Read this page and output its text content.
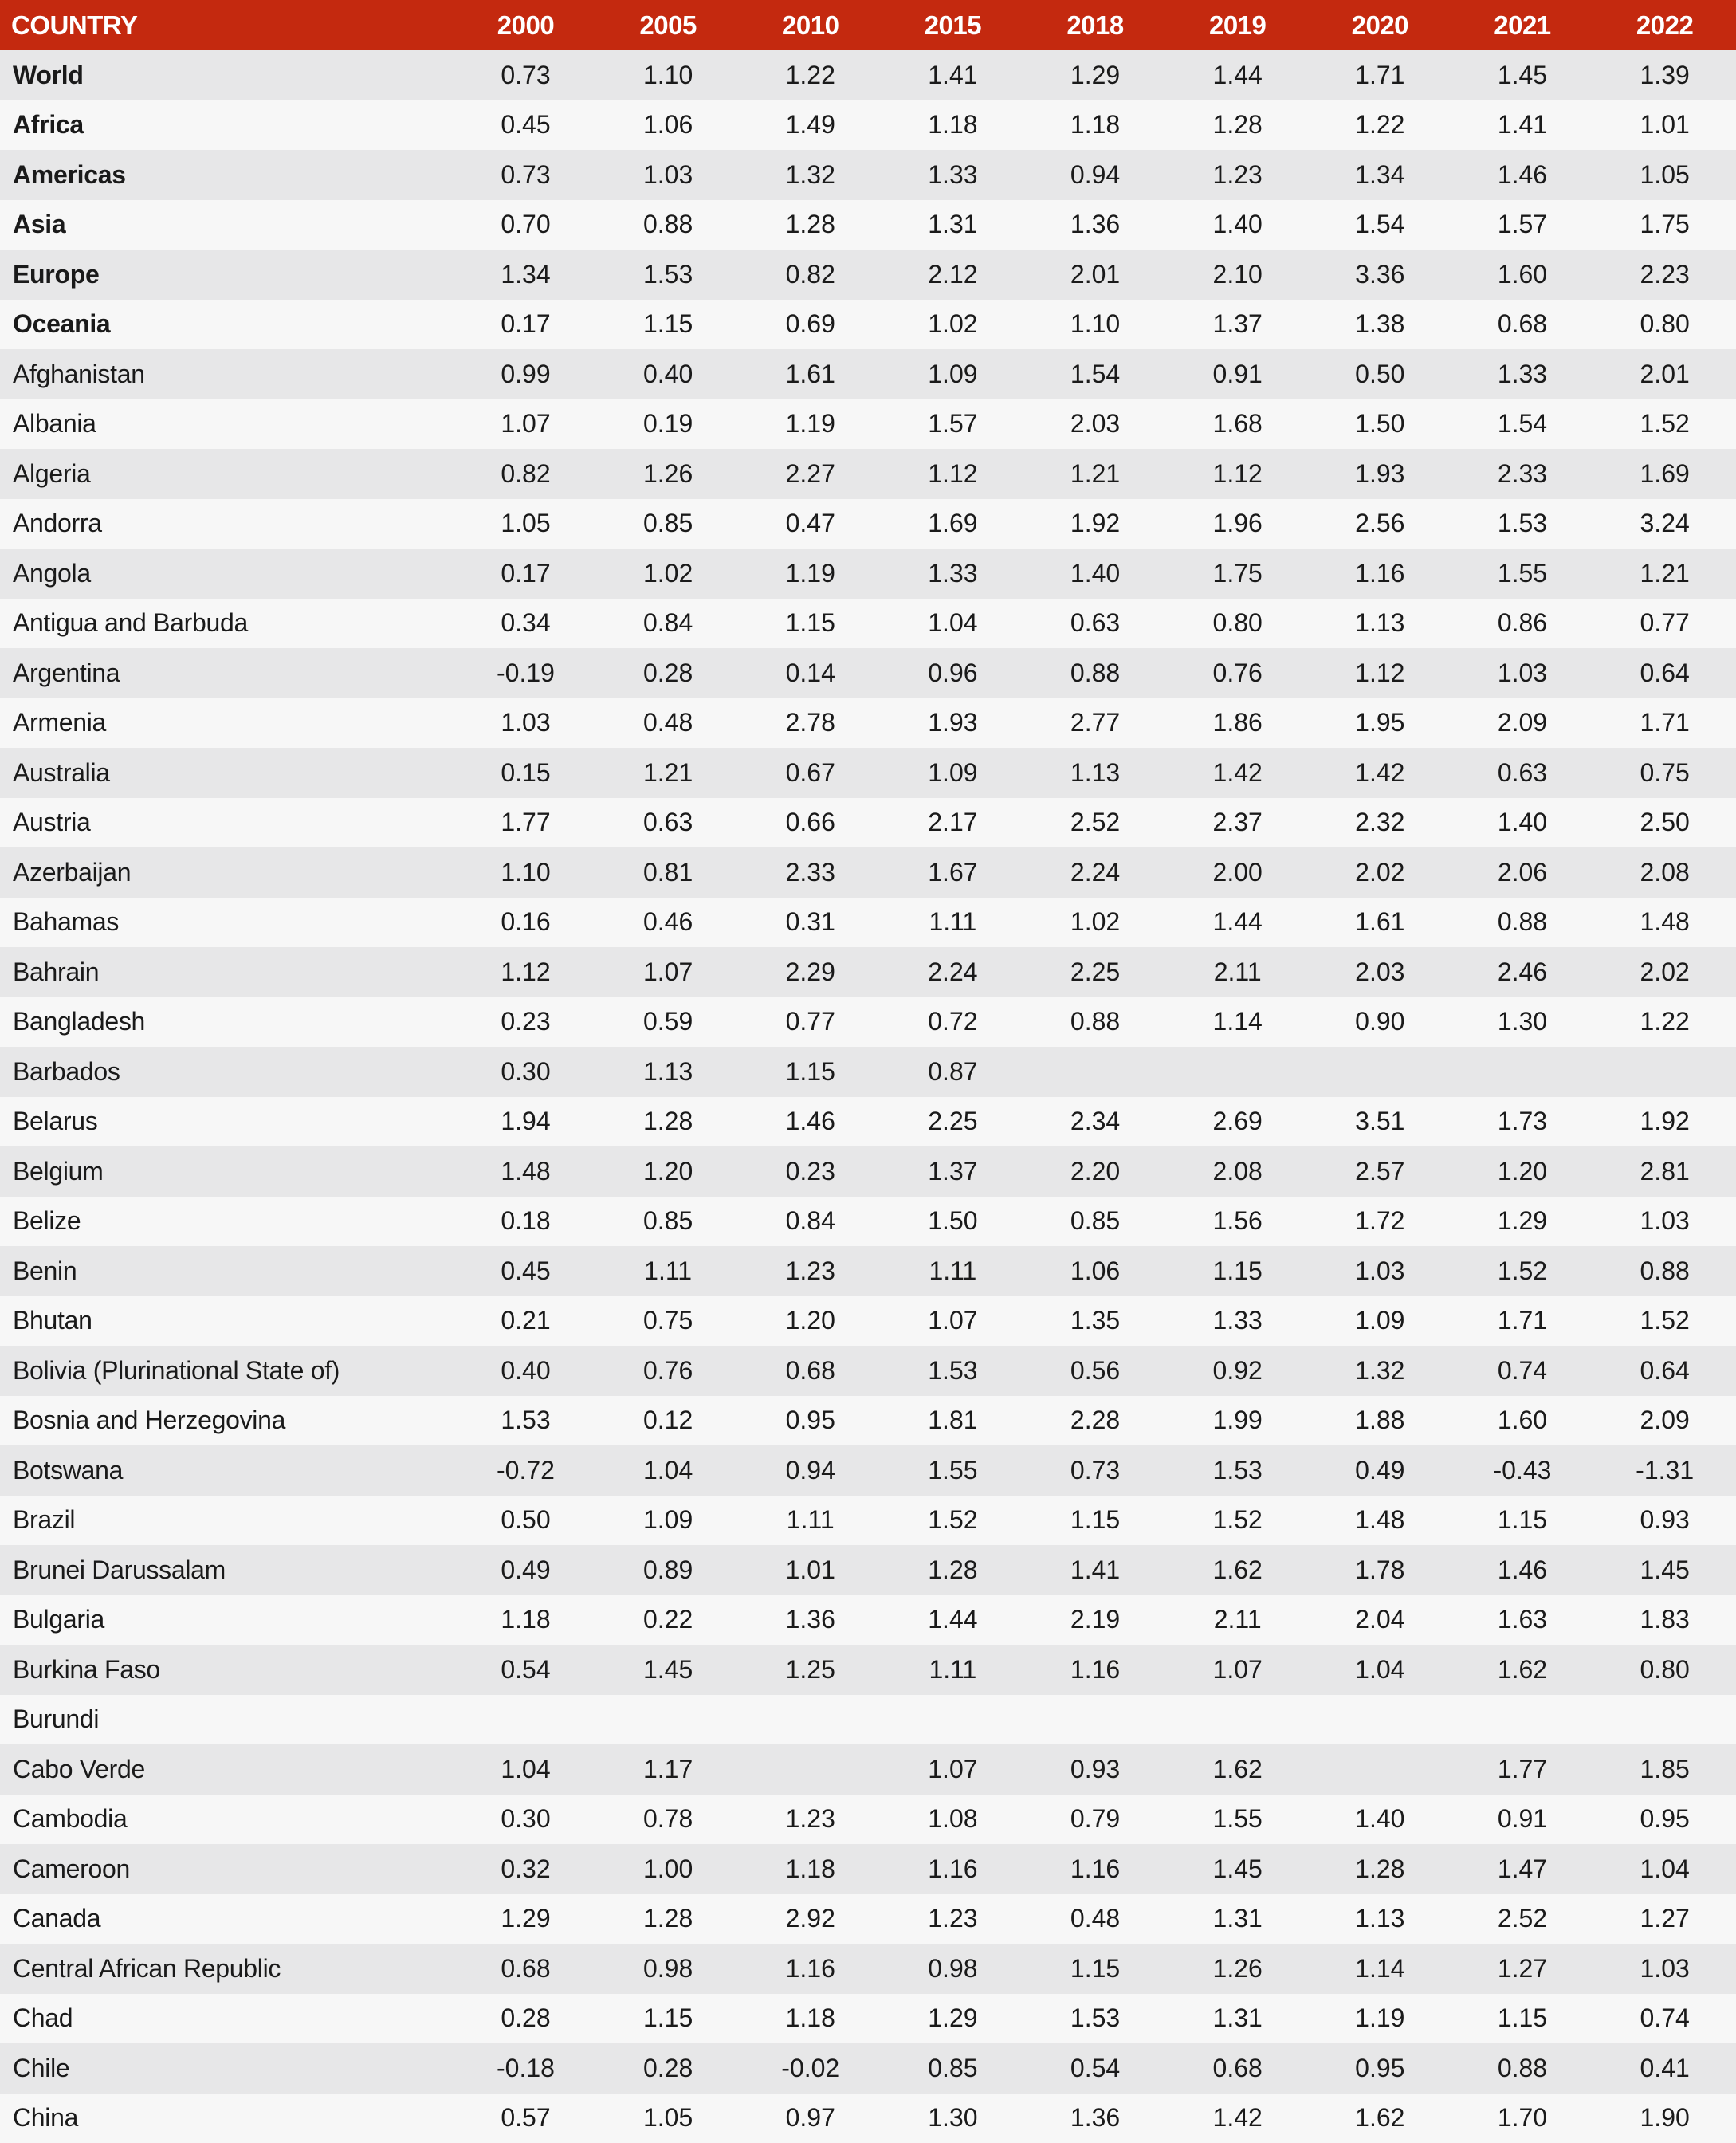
COUNTRY	2000	2005	2010	2015	2018	2019	2020	2021	2022
World	0.73	1.10	1.22	1.41	1.29	1.44	1.71	1.45	1.39
Africa	0.45	1.06	1.49	1.18	1.18	1.28	1.22	1.41	1.01
Americas	0.73	1.03	1.32	1.33	0.94	1.23	1.34	1.46	1.05
Asia	0.70	0.88	1.28	1.31	1.36	1.40	1.54	1.57	1.75
Europe	1.34	1.53	0.82	2.12	2.01	2.10	3.36	1.60	2.23
Oceania	0.17	1.15	0.69	1.02	1.10	1.37	1.38	0.68	0.80
Afghanistan	0.99	0.40	1.61	1.09	1.54	0.91	0.50	1.33	2.01
Albania	1.07	0.19	1.19	1.57	2.03	1.68	1.50	1.54	1.52
Algeria	0.82	1.26	2.27	1.12	1.21	1.12	1.93	2.33	1.69
Andorra	1.05	0.85	0.47	1.69	1.92	1.96	2.56	1.53	3.24
Angola	0.17	1.02	1.19	1.33	1.40	1.75	1.16	1.55	1.21
Antigua and Barbuda	0.34	0.84	1.15	1.04	0.63	0.80	1.13	0.86	0.77
Argentina	-0.19	0.28	0.14	0.96	0.88	0.76	1.12	1.03	0.64
Armenia	1.03	0.48	2.78	1.93	2.77	1.86	1.95	2.09	1.71
Australia	0.15	1.21	0.67	1.09	1.13	1.42	1.42	0.63	0.75
Austria	1.77	0.63	0.66	2.17	2.52	2.37	2.32	1.40	2.50
Azerbaijan	1.10	0.81	2.33	1.67	2.24	2.00	2.02	2.06	2.08
Bahamas	0.16	0.46	0.31	1.11	1.02	1.44	1.61	0.88	1.48
Bahrain	1.12	1.07	2.29	2.24	2.25	2.11	2.03	2.46	2.02
Bangladesh	0.23	0.59	0.77	0.72	0.88	1.14	0.90	1.30	1.22
Barbados	0.30	1.13	1.15	0.87					
Belarus	1.94	1.28	1.46	2.25	2.34	2.69	3.51	1.73	1.92
Belgium	1.48	1.20	0.23	1.37	2.20	2.08	2.57	1.20	2.81
Belize	0.18	0.85	0.84	1.50	0.85	1.56	1.72	1.29	1.03
Benin	0.45	1.11	1.23	1.11	1.06	1.15	1.03	1.52	0.88
Bhutan	0.21	0.75	1.20	1.07	1.35	1.33	1.09	1.71	1.52
Bolivia (Plurinational State of)	0.40	0.76	0.68	1.53	0.56	0.92	1.32	0.74	0.64
Bosnia and Herzegovina	1.53	0.12	0.95	1.81	2.28	1.99	1.88	1.60	2.09
Botswana	-0.72	1.04	0.94	1.55	0.73	1.53	0.49	-0.43	-1.31
Brazil	0.50	1.09	1.11	1.52	1.15	1.52	1.48	1.15	0.93
Brunei Darussalam	0.49	0.89	1.01	1.28	1.41	1.62	1.78	1.46	1.45
Bulgaria	1.18	0.22	1.36	1.44	2.19	2.11	2.04	1.63	1.83
Burkina Faso	0.54	1.45	1.25	1.11	1.16	1.07	1.04	1.62	0.80
Burundi									
Cabo Verde	1.04	1.17		1.07	0.93	1.62		1.77	1.85
Cambodia	0.30	0.78	1.23	1.08	0.79	1.55	1.40	0.91	0.95
Cameroon	0.32	1.00	1.18	1.16	1.16	1.45	1.28	1.47	1.04
Canada	1.29	1.28	2.92	1.23	0.48	1.31	1.13	2.52	1.27
Central African Republic	0.68	0.98	1.16	0.98	1.15	1.26	1.14	1.27	1.03
Chad	0.28	1.15	1.18	1.29	1.53	1.31	1.19	1.15	0.74
Chile	-0.18	0.28	-0.02	0.85	0.54	0.68	0.95	0.88	0.41
China	0.57	1.05	0.97	1.30	1.36	1.42	1.62	1.70	1.90
